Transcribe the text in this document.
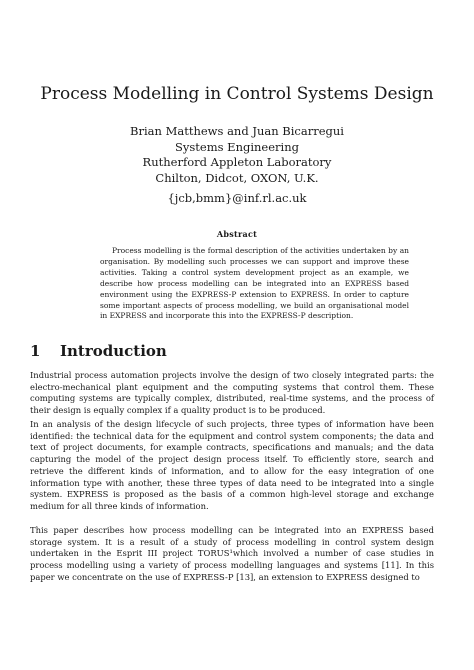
Process Modelling in Control Systems Design
Brian Matthews and Juan Bicarregui
Systems Engineering
Rutherford Appleton Laboratory
Chilton, Didcot, OXON, U.K.
{jcb,bmm}@inf.rl.ac.uk
Abstract

Process modelling is the formal description of the activities undertaken by an organisation. By modelling such processes we can support and improve these activities. Taking a control system development project as an example, we describe how process modelling can be integrated into an EXPRESS based environment using the EXPRESS-P extension to EXPRESS. In order to capture some important aspects of process modelling, we build an organisational model in EXPRESS and incorporate this into the EXPRESS-P description.

1 Introduction

Industrial process automation projects involve the design of two closely integrated parts: the electro-mechanical plant equipment and the computing systems that control them. These computing systems are typically complex, distributed, real-time systems, and the process of their design is equally complex if a quality product is to be produced.

In an analysis of the design lifecycle of such projects, three types of information have been identified: the technical data for the equipment and control system components; the data and text of project documents, for example contracts, specifications and manuals; and the data capturing the model of the project design process itself. To efficiently store, search and retrieve the different kinds of information, and to allow for the easy integration of one information type with another, these three types of data need to be integrated into a single system. EXPRESS is proposed as the basis of a common high-level storage and exchange medium for all three kinds of information.

This paper describes how process modelling can be integrated into an EXPRESS based storage system. It is a result of a study of process modelling in control system design undertaken in the Esprit III project TORUS¹which involved a number of case studies in process modelling using a variety of process modelling languages and systems [11]. In this paper we concentrate on the use of EXPRESS-P [13], an extension to EXPRESS designed to
